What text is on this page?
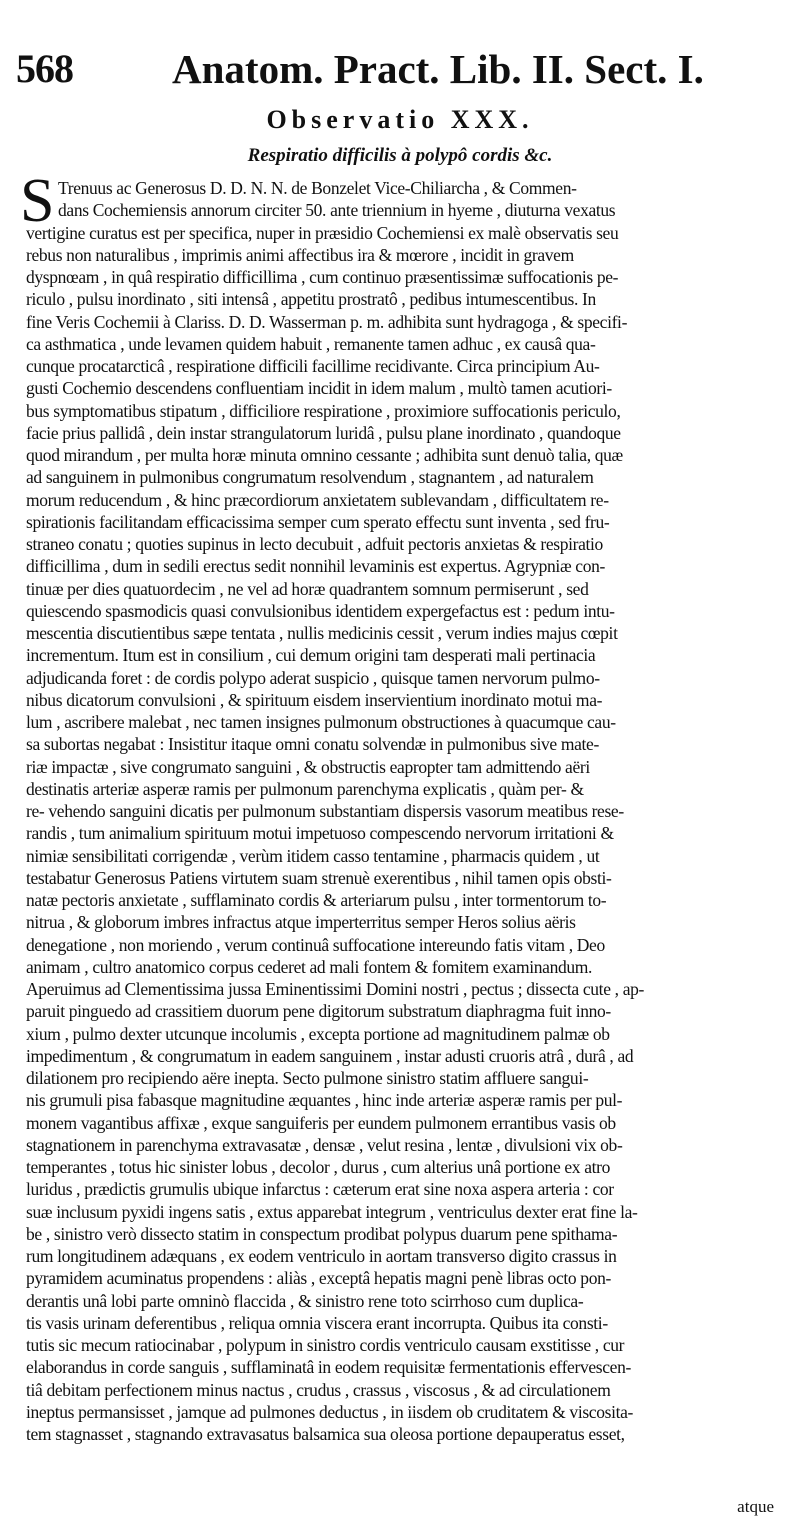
568 Anatom. Pract. Lib. II. Sect. I.
Observatio XXX.
Respiratio difficilis à polypô cordis &c.
S Trenuus ac Generosus D. D. N. N. de Bonzelet Vice-Chiliarcha , & Commen-
dans Cochemiensis annorum circiter 50. ante triennium in hyeme , diuturna vexatus
vertigine curatus est per specifica, nuper in præsidio Cochemiensi ex malè observatis seu
rebus non naturalibus , imprimis animi affectibus ira & mœrore , incidit in gravem
dyspnœam , in quâ respiratio difficillima , cum continuo præsentissimæ suffocationis pe-
riculo , pulsu inordinato , siti intensâ , appetitu prostratô , pedibus intumescentibus. In
fine Veris Cochemii à Clariss. D. D. Wasserman p. m. adhibita sunt hydragoga , & specifi-
ca asthmatica , unde levamen quidem habuit , remanente tamen adhuc , ex causâ qua-
cunque procatarcticâ , respiratione difficili facillime recidivante. Circa principium Au-
gusti Cochemio descendens confluentiam incidit in idem malum , multò tamen acutiori-
bus symptomatibus stipatum , difficiliore respiratione , proximiore suffocationis periculo,
facie prius pallidâ , dein instar strangulatorum luridâ , pulsu plane inordinato , quandoque
quod mirandum , per multa horæ minuta omnino cessante ; adhibita sunt denuò talia, quæ
ad sanguinem in pulmonibus congrumatum resolvendum , stagnantem , ad naturalem
morum reducendum , & hinc præcordiorum anxietatem sublevandam , difficultatem re-
spirationis facilitandam efficacissima semper cum sperato effectu sunt inventa , sed fru-
straneo conatu ; quoties supinus in lecto decubuit , adfuit pectoris anxietas & respiratio
difficillima , dum in sedili erectus sedit nonnihil levaminis est expertus. Agrypniæ con-
tinuæ per dies quatuordecim , ne vel ad horæ quadrantem somnum permiserunt , sed
quiescendo spasmodicis quasi convulsionibus identidem expergefactus est : pedum intu-
mescentia discutientibus sæpe tentata , nullis medicinis cessit , verum indies majus cœpit
incrementum. Itum est in consilium , cui demum origini tam desperati mali pertinacia
adjudicanda foret : de cordis polypo aderat suspicio , quisque tamen nervorum pulmo-
nibus dicatorum convulsioni , & spirituum eisdem inservientium inordinato motui ma-
lum , ascribere malebat , nec tamen insignes pulmonum obstructiones à quacumque cau-
sa subortas negabat : Insistitur itaque omni conatu solvendæ in pulmonibus sive mate-
riæ impactæ , sive congrumato sanguini , & obstructis eapropter tam admittendo aëri
destinatis arteriæ asperæ ramis per pulmonum parenchyma explicatis , quàm per- &
re- vehendo sanguini dicatis per pulmonum substantiam dispersis vasorum meatibus rese-
randis , tum animalium spirituum motui impetuoso compescendo nervorum irritationi &
nimiæ sensibilitati corrigendæ , verùm itidem casso tentamine , pharmacis quidem , ut
testabatur Generosus Patiens virtutem suam strenuè exerentibus , nihil tamen opis obsti-
natæ pectoris anxietate , sufflaminato cordis & arteriarum pulsu , inter tormentorum to-
nitrua , & globorum imbres infractus atque imperterritus semper Heros solius aëris
denegatione , non moriendo , verum continuâ suffocatione intereundo fatis vitam , Deo
animam , cultro anatomico corpus cederet ad mali fontem & fomitem examinandum.
Aperuimus ad Clementissima jussa Eminentissimi Domini nostri , pectus ; dissecta cute , ap-
paruit pinguedo ad crassitiem duorum pene digitorum substratum diaphragma fuit inno-
xium , pulmo dexter utcunque incolumis , excepta portione ad magnitudinem palmæ ob
impedimentum , & congrumatum in eadem sanguinem , instar adusti cruoris atrâ , durâ , ad
dilationem pro recipiendo aëre inepta. Secto pulmone sinistro statim affluere sangui-
nis grumuli pisa fabasque magnitudine æquantes , hinc inde arteriæ asperæ ramis per pul-
monem vagantibus affixæ , exque sanguiferis per eundem pulmonem errantibus vasis ob
stagnationem in parenchyma extravasatæ , densæ , velut resina , lentæ , divulsioni vix ob-
temperantes , totus hic sinister lobus , decolor , durus , cum alterius unâ portione ex atro
luridus , prædictis grumulis ubique infarctus : cæterum erat sine noxa aspera arteria : cor
suæ inclusum pyxidi ingens satis , extus apparebat integrum , ventriculus dexter erat fine la-
be , sinistro verò dissecto statim in conspectum prodibat polypus duarum pene spithama-
rum longitudinem adæquans , ex eodem ventriculo in aortam transverso digito crassus in
pyramidem acuminatus propendens : aliàs , exceptâ hepatis magni penè libras octo pon-
derantis unâ lobi parte omninò flaccida , & sinistro rene toto scirrhoso cum duplica-
tis vasis urinam deferentibus , reliqua omnia viscera erant incorrupta. Quibus ita consti-
tutis sic mecum ratiocinabar , polypum in sinistro cordis ventriculo causam exstitisse , cur
elaborandus in corde sanguis , sufflaminatâ in eodem requisitæ fermentationis effervescen-
tiâ debitam perfectionem minus nactus , crudus , crassus , viscosus , & ad circulationem
ineptus permansisset , jamque ad pulmones deductus , in iisdem ob cruditatem & viscosita-
tem stagnasset , stagnando extravasatus balsamica sua oleosa portione depauperatus esset,
atque
